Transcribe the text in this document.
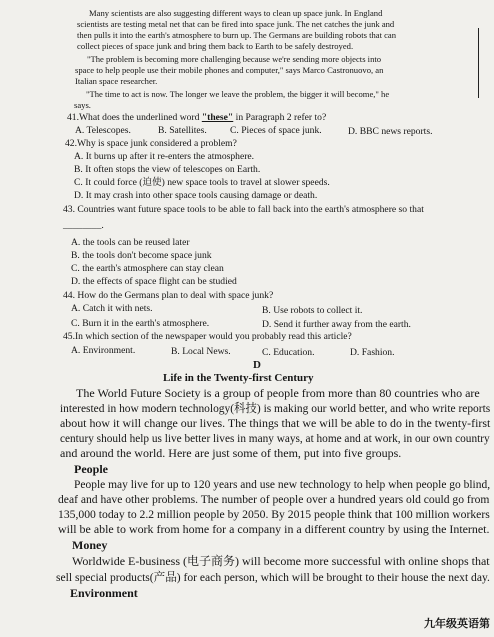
Many scientists are also suggesting different ways to clean up space junk. In England
scientists are testing metal net that can be fired into space junk. The net catches the junk and
then pulls it into the earth's atmosphere to burn up. The Germans are building robots that can
collect pieces of space junk and bring them back to Earth to be safely destroyed.
"The problem is becoming more challenging because we're sending more objects into
space to help people use their mobile phones and computer," says Marco Castronuovo, an
Italian space researcher.
"The time to act is now. The longer we leave the problem, the bigger it will become," he
says.
41.What does the underlined word "these" in Paragraph 2 refer to?
A. Telescopes.	B. Satellites. C. Pieces of space junk.	D. BBC news reports.
42.Why is space junk considered a problem?
A. It burns up after it re-enters the atmosphere.
B. It often stops the view of telescopes on Earth.
C. It could force (迫使) new space tools to travel at slower speeds.
D. It may crash into other space tools causing damage or death.
43. Countries want future space tools to be able to fall back into the earth's atmosphere so that
________.
A. the tools can be reused later
B. the tools don't become space junk
C. the earth's atmosphere can stay clean
D. the effects of space flight can be studied
44. How do the Germans plan to deal with space junk?
A. Catch it with nets.	B. Use robots to collect it.
C. Burn it in the earth's atmosphere.	D. Send it further away from the earth.
45.In which section of the newspaper would you probably read this article?
A. Environment.	B. Local News.	C. Education.	D. Fashion.
D
Life in the Twenty-first Century
The World Future Society is a group of people from more than 80 countries who are
interested in how modern technology(科技) is making our world better, and who write reports
about how it will change our lives. The things that we will be able to do in the twenty-first
century should help us live better lives in many ways, at home and at work, in our own country
and around the world. Here are just some of them, put into five groups.
People
People may live for up to 120 years and use new technology to help when people go blind,
deaf and have other problems. The number of people over a hundred years old could go from
135,000 today to 2.2 million people by 2050. By 2015 people think that 100 million workers
will be able to work from home for a company in a different country by using the Internet.
Money
Worldwide E-business (电子商务) will become more successful with online shops that
sell special products(产品) for each person, which will be brought to their house the next day.
Environment
九年级英语第
